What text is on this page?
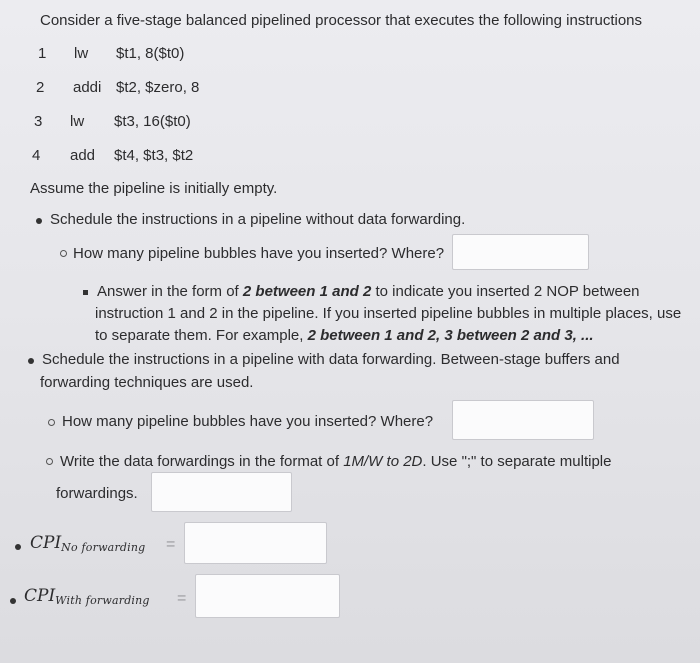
Consider a five-stage balanced pipelined processor that executes the following instructions
1 lw $t1, 8($t0)
2 addi $t2, $zero, 8
3 lw $t3, 16($t0)
4 add $t4, $t3, $t2
Assume the pipeline is initially empty.
Schedule the instructions in a pipeline without data forwarding.
How many pipeline bubbles have you inserted? Where?
Answer in the form of 2 between 1 and 2 to indicate you inserted 2 NOP between
instruction 1 and 2 in the pipeline. If you inserted pipeline bubbles in multiple places, use
to separate them. For example, 2 between 1 and 2, 3 between 2 and 3, ...
Schedule the instructions in a pipeline with data forwarding. Between-stage buffers and
forwarding techniques are used.
How many pipeline bubbles have you inserted? Where?
Write the data forwardings in the format of 1M/W to 2D. Use ";" to separate multiple
forwardings.
CPINo forwarding =
CPIWith forwarding =
